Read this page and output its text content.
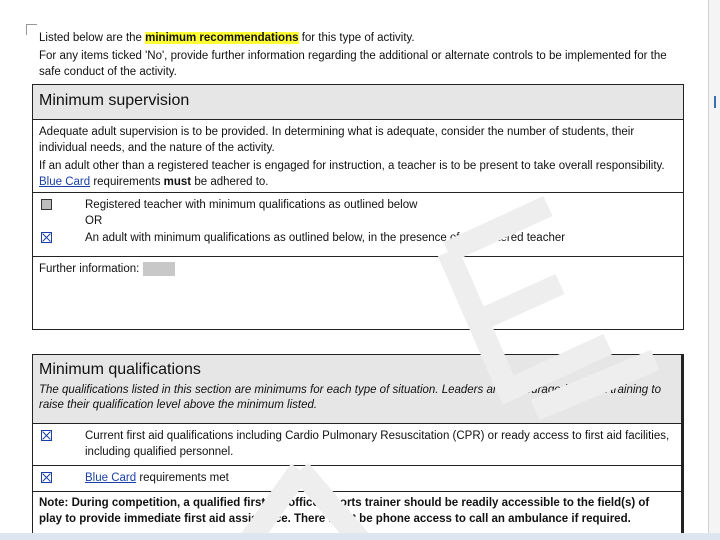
Listed below are the minimum recommendations for this type of activity.

For any items ticked 'No', provide further information regarding the additional or alternate controls to be implemented for the safe conduct of the activity.

Minimum supervision

Adequate adult supervision is to be provided. In determining what is adequate, consider the number of students, their individual needs, and the nature of the activity.

If an adult other than a registered teacher is engaged for instruction, a teacher is to be present to take overall responsibility. Blue Card requirements must be adhered to.

Registered teacher with minimum qualifications as outlined below
OR
An adult with minimum qualifications as outlined below, in the presence of a registered teacher
Further information:
Minimum qualifications
The qualifications listed in this section are minimums for each type of situation. Leaders are encouraged to seek training to raise their qualification level above the minimum listed.
Current first aid qualifications including Cardio Pulmonary Resuscitation (CPR) or ready access to first aid facilities, including qualified personnel.
Blue Card requirements met
Note: During competition, a qualified first aid officer/sports trainer should be readily accessible to the field(s) of play to provide immediate first aid assistance. There must be phone access to call an ambulance if required.
